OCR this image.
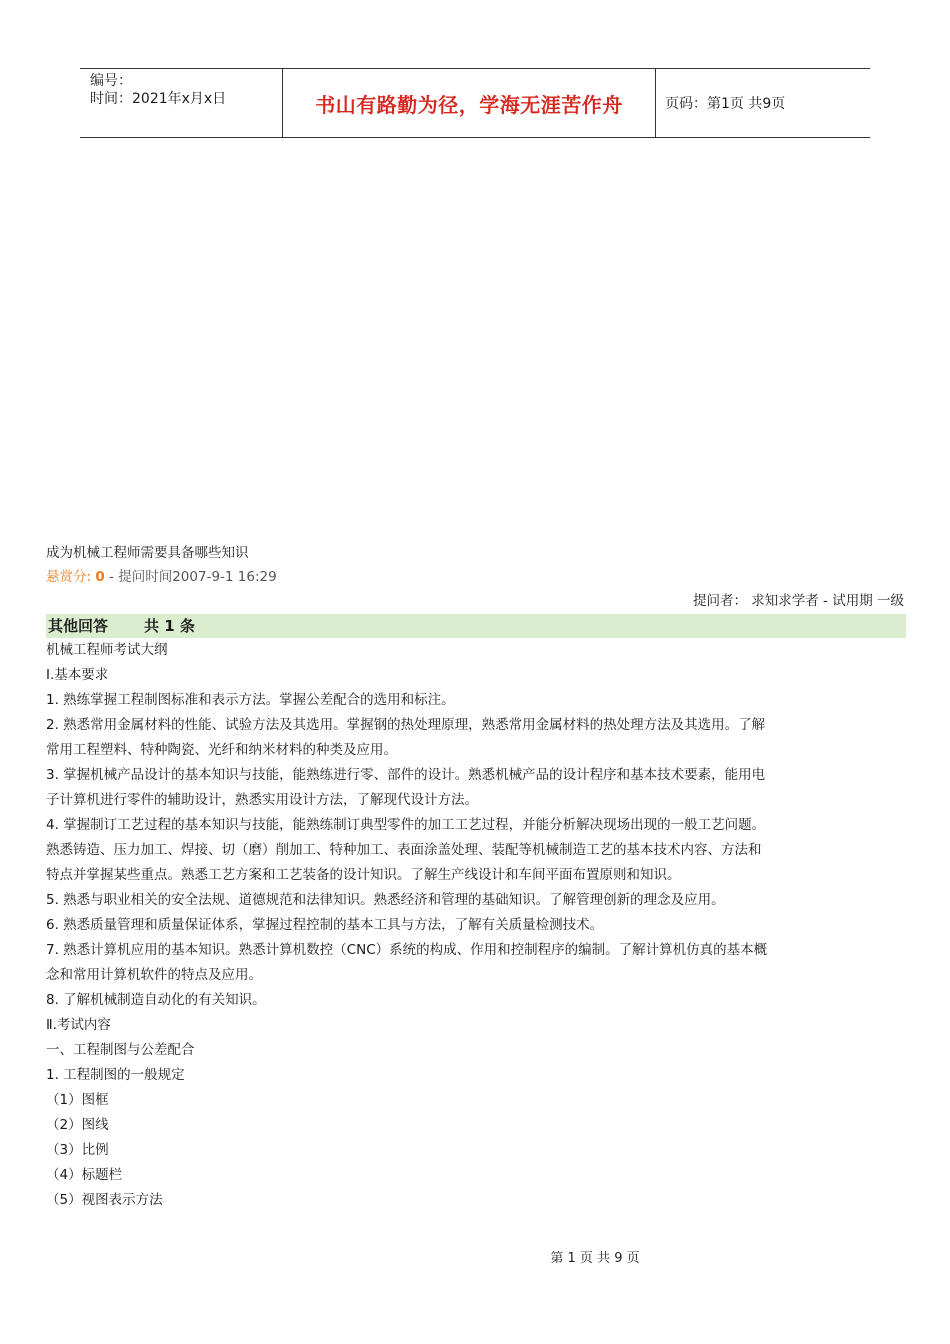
编号：
时间：2021年x月x日	书山有路勤为径，学海无涯苦作舟	页码：第1页 共9页
成为机械工程师需要具备哪些知识
悬赏分: 0 - 提问时间2007-9-1 16:29
提问者： 求知求学者 - 试用期 一级
其他回答 共 1 条
机械工程师考试大纲
Ⅰ.基本要求
1. 熟练掌握工程制图标准和表示方法。掌握公差配合的选用和标注。
2. 熟悉常用金属材料的性能、试验方法及其选用。掌握钢的热处理原理，熟悉常用金属材料的热处理方法及其选用。了解
常用工程塑料、特种陶瓷、光纤和纳米材料的种类及应用。
3. 掌握机械产品设计的基本知识与技能，能熟练进行零、部件的设计。熟悉机械产品的设计程序和基本技术要素，能用电
子计算机进行零件的辅助设计，熟悉实用设计方法，了解现代设计方法。
4. 掌握制订工艺过程的基本知识与技能，能熟练制订典型零件的加工工艺过程，并能分析解决现场出现的一般工艺问题。
熟悉铸造、压力加工、焊接、切（磨）削加工、特种加工、表面涂盖处理、装配等机械制造工艺的基本技术内容、方法和
特点并掌握某些重点。熟悉工艺方案和工艺装备的设计知识。了解生产线设计和车间平面布置原则和知识。
5. 熟悉与职业相关的安全法规、道德规范和法律知识。熟悉经济和管理的基础知识。了解管理创新的理念及应用。
6. 熟悉质量管理和质量保证体系，掌握过程控制的基本工具与方法，了解有关质量检测技术。
7. 熟悉计算机应用的基本知识。熟悉计算机数控（CNC）系统的构成、作用和控制程序的编制。了解计算机仿真的基本概
念和常用计算机软件的特点及应用。
8. 了解机械制造自动化的有关知识。
Ⅱ.考试内容
一、工程制图与公差配合
1. 工程制图的一般规定
（1）图框
（2）图线
（3）比例
（4）标题栏
（5）视图表示方法
第 1 页 共 9 页
